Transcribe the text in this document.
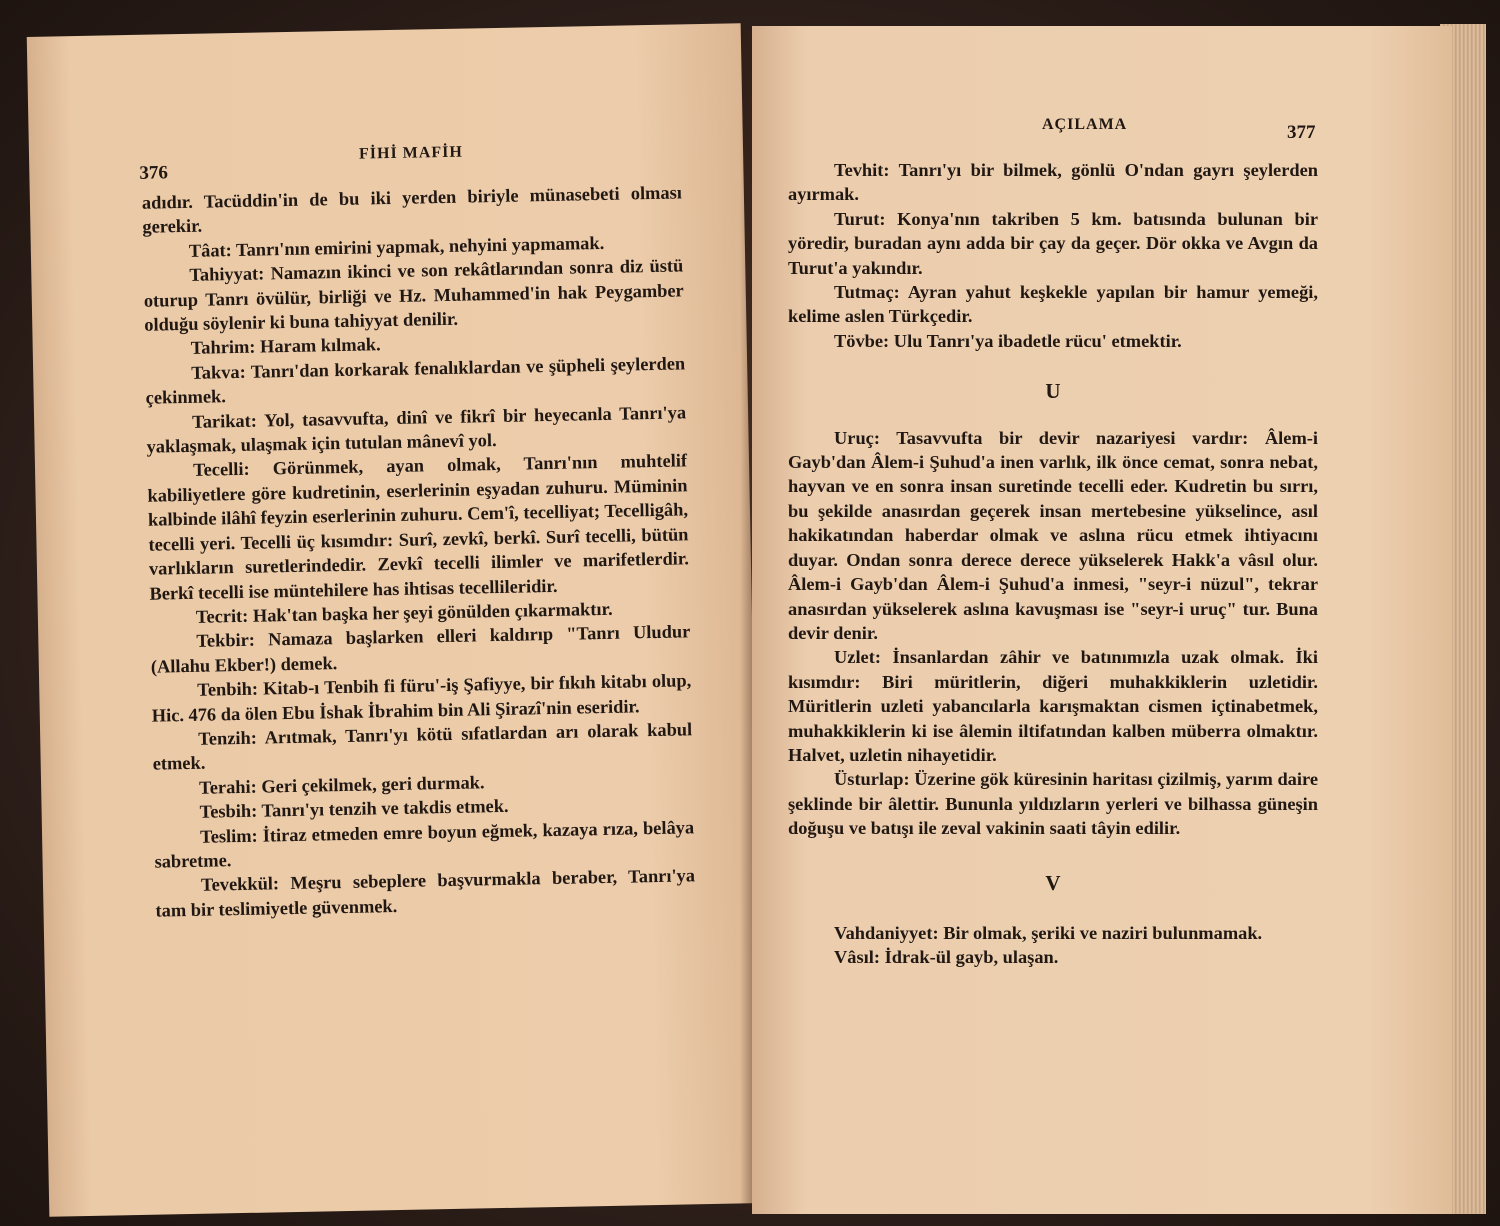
376
FİHİ MAFİH

adıdır. Tacüddin'in de bu iki yerden biriyle münasebeti olması gerekir.

Tâat: Tanrı'nın emirini yapmak, nehyini yapmamak.

Tahiyyat: Namazın ikinci ve son rekâtlarından sonra diz üstü oturup Tanrı övülür, birliği ve Hz. Muhammed'in hak Peygamber olduğu söylenir ki buna tahiyyat denilir.

Tahrim: Haram kılmak.

Takva: Tanrı'dan korkarak fenalıklardan ve şüpheli şeylerden çekinmek.

Tarikat: Yol, tasavvufta, dinî ve fikrî bir heyecanla Tanrı'ya yaklaşmak, ulaşmak için tutulan mânevî yol.

Tecelli: Görünmek, ayan olmak, Tanrı'nın muhtelif kabiliyetlere göre kudretinin, eserlerinin eşyadan zuhuru. Müminin kalbinde ilâhî feyzin eserlerinin zuhuru. Cem'î, tecelliyat; Tecelligâh, tecelli yeri. Tecelli üç kısımdır: Surî, zevkî, berkî. Surî tecelli, bütün varlıkların suretlerindedir. Zevkî tecelli ilimler ve marifetlerdir. Berkî tecelli ise müntehilere has ihtisas tecellileridir.

Tecrit: Hak'tan başka her şeyi gönülden çıkarmaktır.

Tekbir: Namaza başlarken elleri kaldırıp "Tanrı Uludur (Allahu Ekber!) demek.

Tenbih: Kitab-ı Tenbih fi füru'-iş Şafiyye, bir fıkıh kitabı olup, Hic. 476 da ölen Ebu İshak İbrahim bin Ali Şirazî'nin eseridir.

Tenzih: Arıtmak, Tanrı'yı kötü sıfatlardan arı olarak kabul etmek.

Terahi: Geri çekilmek, geri durmak.

Tesbih: Tanrı'yı tenzih ve takdis etmek.

Teslim: İtiraz etmeden emre boyun eğmek, kazaya rıza, belâya sabretme.

Tevekkül: Meşru sebeplere başvurmakla beraber, Tanrı'ya tam bir teslimiyetle güvenmek.

AÇILAMA	377

Tevhit: Tanrı'yı bir bilmek, gönlü O'ndan gayrı şeylerden ayırmak.

Turut: Konya'nın takriben 5 km. batısında bulunan bir yöredir, buradan aynı adda bir çay da geçer. Dör okka ve Avgın da Turut'a yakındır.

Tutmaç: Ayran yahut keşkekle yapılan bir hamur yemeği, kelime aslen Türkçedir.

Tövbe: Ulu Tanrı'ya ibadetle rücu' etmektir.

U

Uruç: Tasavvufta bir devir nazariyesi vardır: Âlem-i Gayb'dan Âlem-i Şuhud'a inen varlık, ilk önce cemat, sonra nebat, hayvan ve en sonra insan suretinde tecelli eder. Kudretin bu sırrı, bu şekilde anasırdan geçerek insan mertebesine yükselince, asıl hakikatından haberdar olmak ve aslına rücu etmek ihtiyacını duyar. Ondan sonra derece derece yükselerek Hakk'a vâsıl olur. Âlem-i Gayb'dan Âlem-i Şuhud'a inmesi, "seyr-i nüzul", tekrar anasırdan yükselerek aslına kavuşması ise "seyr-i uruç" tur. Buna devir denir.

Uzlet: İnsanlardan zâhir ve batınımızla uzak olmak. İki kısımdır: Biri müritlerin, diğeri muhakkiklerin uzletidir. Müritlerin uzleti yabancılarla karışmaktan cismen içtinabetmek, muhakkiklerin ki ise âlemin iltifatından kalben müberra olmaktır. Halvet, uzletin nihayetidir.

Üsturlap: Üzerine gök küresinin haritası çizilmiş, yarım daire şeklinde bir âlettir. Bununla yıldızların yerleri ve bilhassa güneşin doğuşu ve batışı ile zeval vakinin saati tâyin edilir.

V

Vahdaniyyet: Bir olmak, şeriki ve naziri bulunmamak.

Vâsıl: İdrak-ül gayb, ulaşan.
